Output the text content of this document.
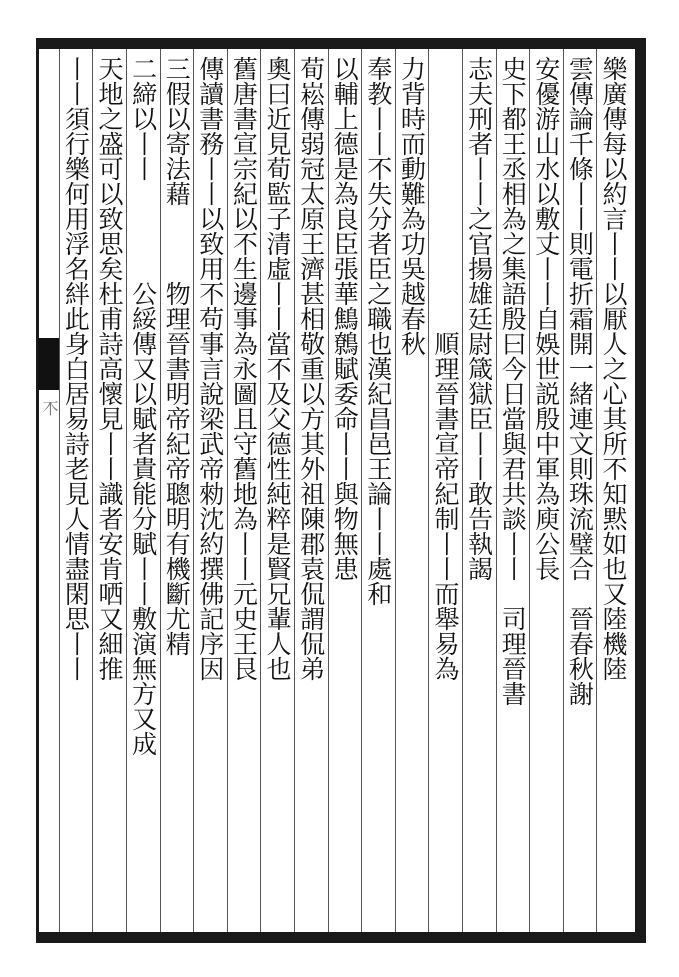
𣎴	樂廣傳每以約言丨丨以厭人之心其所不知黙如也又陸機陸
雲傳論千條丨丨則電折霜開一緒連文則珠流璧合　晉春秋謝
安優游山水以敷丈丨丨自娛世説殷中軍為庾公長
史下都王丞相為之集語殷曰今日當與君共談丨丨　司理晉書
志夫刑者丨丨之官揚雄廷尉箴獄臣丨丨敢告執謁
　　　　　　　　　　　順理晉書宣帝紀制丨丨而舉易為
力背時而動難為功吳越春秋
奉教丨丨不失分者臣之職也漢紀昌邑王論丨丨處和
以輔上德是為良臣張華鷦鷯賦委命丨丨與物無患
荀崧傳弱冠太原王濟甚相敬重以方其外祖陳郡袁侃謂侃弟
奧曰近見荀監子清虛丨丨當不及父德性純粹是賢兄輩人也
舊唐書宣宗紀以不生邊事為永圖且守舊地為丨丨元史王艮
傳讀書務丨丨以致用不苟事言說梁武帝勑沈約撰佛記序因
三假以寄法藉　　　物理晉書明帝紀帝聰明有機斷尤精
二締以丨丨　　　　公綏傳又以賦者貴能分賦丨丨敷演無方又成
天地之盛可以致思矣杜甫詩高懷見丨丨識者安肯哂又細推
丨丨須行樂何用浮名絆此身白居易詩老見人情盡閑思丨丨
